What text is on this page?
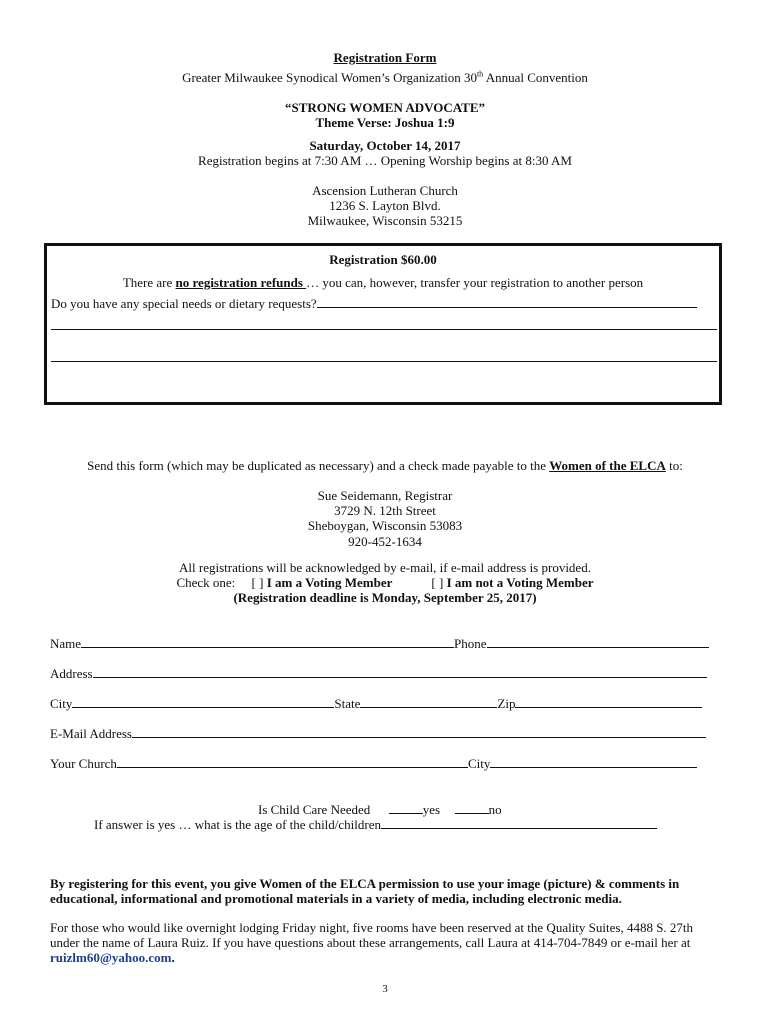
Registration Form
Greater Milwaukee Synodical Women’s Organization 30th Annual Convention
“STRONG WOMEN ADVOCATE”
Theme Verse: Joshua 1:9
Saturday, October 14, 2017
Registration begins at 7:30 AM … Opening Worship begins at 8:30 AM
Ascension Lutheran Church
1236 S. Layton Blvd.
Milwaukee, Wisconsin 53215
Registration $60.00
There are no registration refunds … you can, however, transfer your registration to another person
Do you have any special needs or dietary requests?
Send this form (which may be duplicated as necessary) and a check made payable to the Women of the ELCA to:
Sue Seidemann, Registrar
3729 N. 12th Street
Sheboygan, Wisconsin 53083
920-452-1634
All registrations will be acknowledged by e-mail, if e-mail address is provided.
Check one: [ ] I am a Voting Member	[ ] I am not a Voting Member
(Registration deadline is Monday, September 25, 2017)
Name	Phone
Address
City	State	Zip
E-Mail Address
Your Church	City
Is Child Care Needed	yes	no
If answer is yes … what is the age of the child/children
By registering for this event, you give Women of the ELCA permission to use your image (picture) & comments in educational, informational and promotional materials in a variety of media, including electronic media.
For those who would like overnight lodging Friday night, five rooms have been reserved at the Quality Suites, 4488 S. 27th under the name of Laura Ruiz. If you have questions about these arrangements, call Laura at 414-704-7849 or e-mail her at ruizlm60@yahoo.com.
3
